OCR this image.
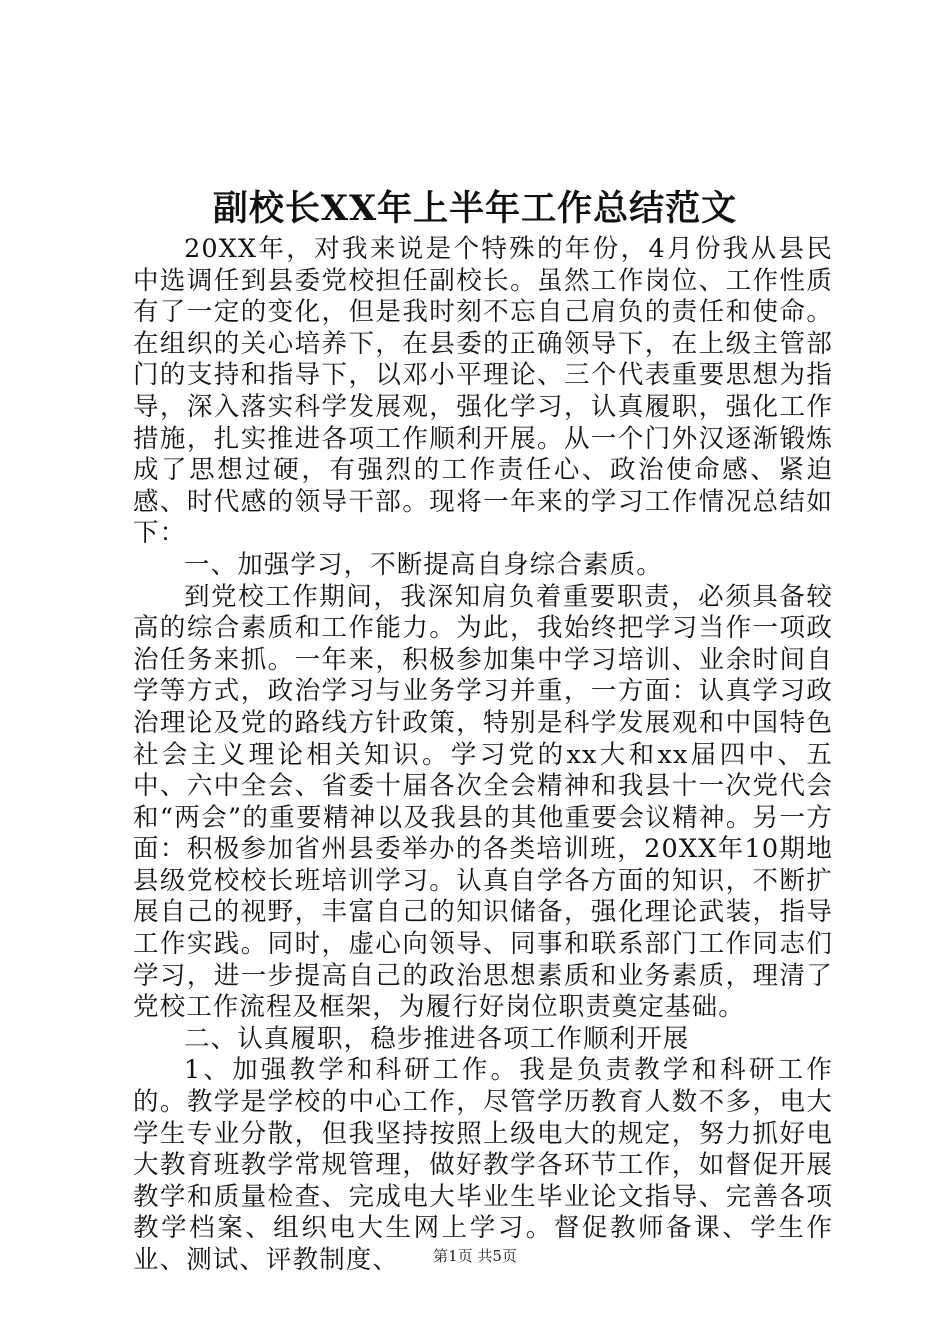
副校长XX年上半年工作总结范文

20XX年，对我来说是个特殊的年份，4月份我从县民中选调任到县委党校担任副校长。虽然工作岗位、工作性质有了一定的变化，但是我时刻不忘自己肩负的责任和使命。在组织的关心培养下，在县委的正确领导下，在上级主管部门的支持和指导下，以邓小平理论、三个代表重要思想为指导，深入落实科学发展观，强化学习，认真履职，强化工作措施，扎实推进各项工作顺利开展。从一个门外汉逐渐锻炼成了思想过硬，有强烈的工作责任心、政治使命感、紧迫感、时代感的领导干部。现将一年来的学习工作情况总结如下：

一、加强学习，不断提高自身综合素质。

到党校工作期间，我深知肩负着重要职责，必须具备较高的综合素质和工作能力。为此，我始终把学习当作一项政治任务来抓。一年来，积极参加集中学习培训、业余时间自学等方式，政治学习与业务学习并重，一方面：认真学习政治理论及党的路线方针政策，特别是科学发展观和中国特色社会主义理论相关知识。学习党的xx大和xx届四中、五中、六中全会、省委十届各次全会精神和我县十一次党代会和“两会”的重要精神以及我县的其他重要会议精神。另一方面：积极参加省州县委举办的各类培训班，20XX年10期地县级党校校长班培训学习。认真自学各方面的知识，不断扩展自己的视野，丰富自己的知识储备，强化理论武装，指导工作实践。同时，虚心向领导、同事和联系部门工作同志们学习，进一步提高自己的政治思想素质和业务素质，理清了党校工作流程及框架，为履行好岗位职责奠定基础。

二、认真履职，稳步推进各项工作顺利开展

1、加强教学和科研工作。我是负责教学和科研工作的。教学是学校的中心工作，尽管学历教育人数不多，电大学生专业分散，但我坚持按照上级电大的规定，努力抓好电大教育班教学常规管理，做好教学各环节工作，如督促开展教学和质量检查、完成电大毕业生毕业论文指导、完善各项教学档案、组织电大生网上学习。督促教师备课、学生作业、测试、评教制度、	第1页 共5页
